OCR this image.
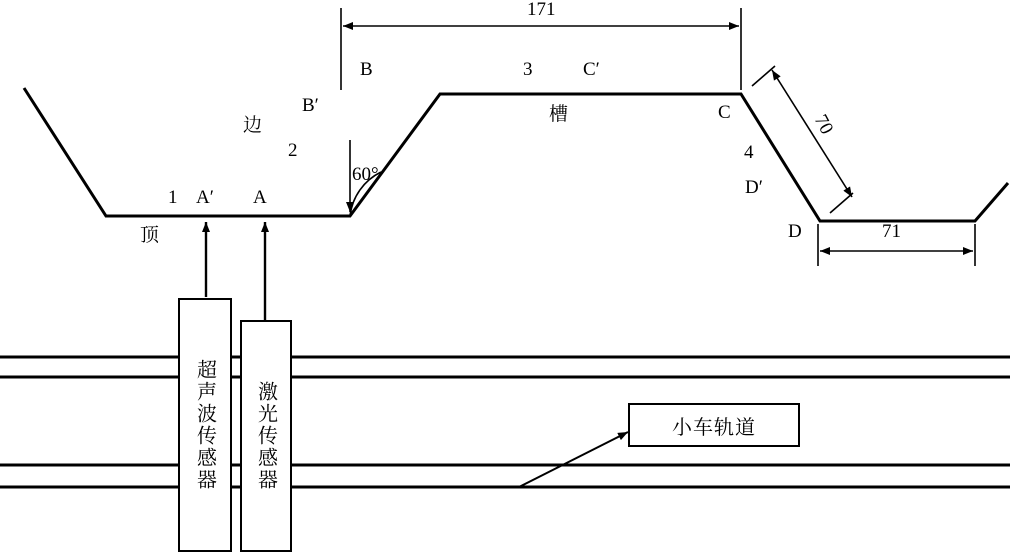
1 A′ A
顶
边
2
B′
B
60°
3	C′
槽
171
C
4
D′
D
70
71
超声波传感器 激光传感器	小车轨道
